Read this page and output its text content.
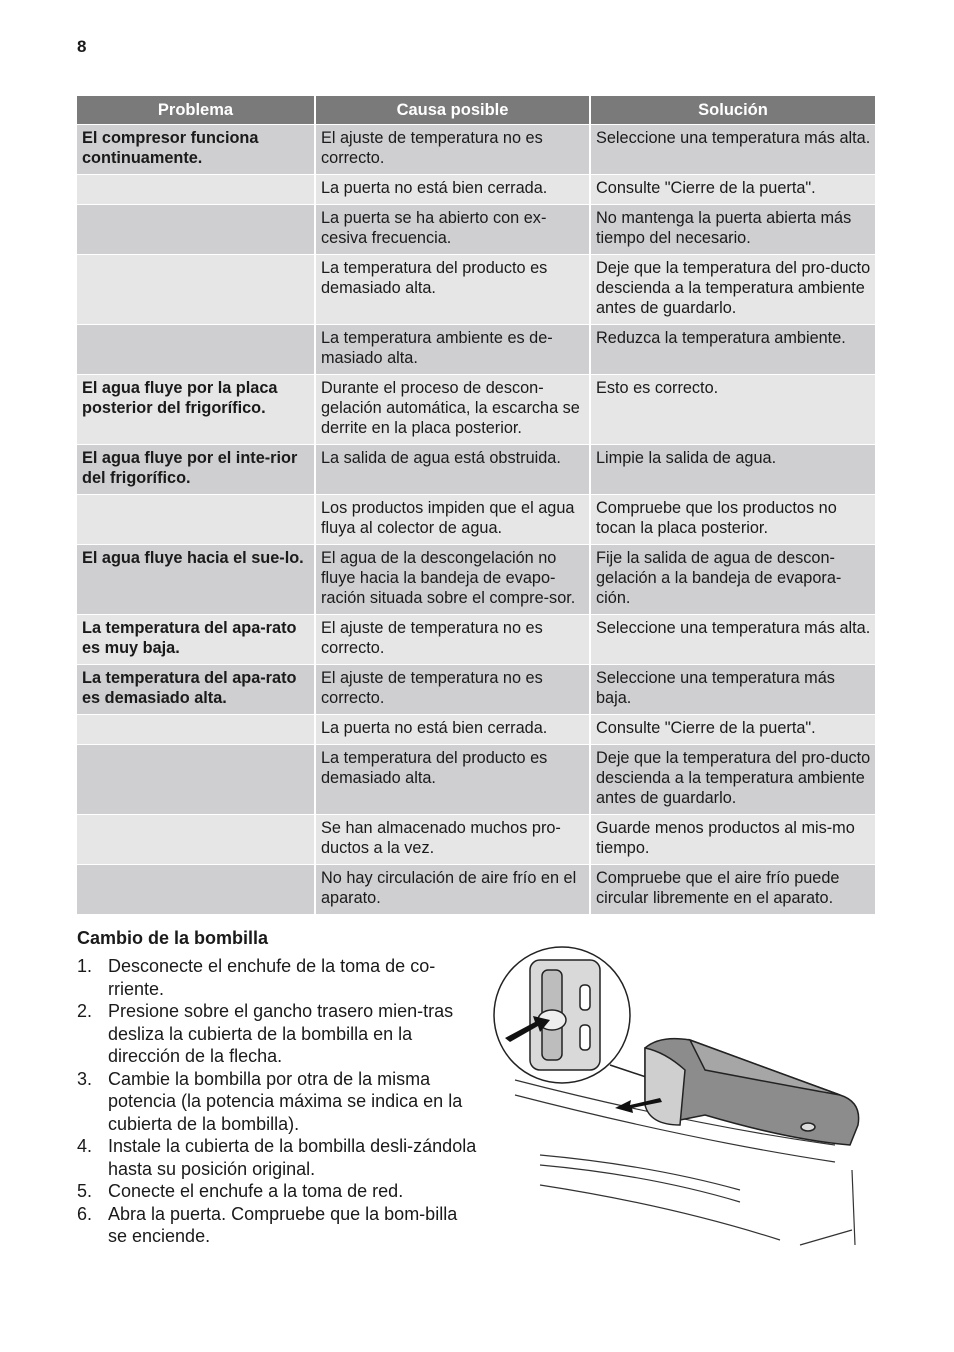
8
Problema	Causa posible	Solución
El compresor funciona continuamente.	El ajuste de temperatura no es correcto.	Seleccione una temperatura más alta.
	La puerta no está bien cerrada.	Consulte "Cierre de la puerta".
	La puerta se ha abierto con ex-cesiva frecuencia.	No mantenga la puerta abierta más tiempo del necesario.
	La temperatura del producto es demasiado alta.	Deje que la temperatura del pro-ducto descienda a la temperatura ambiente antes de guardarlo.
	La temperatura ambiente es de-masiado alta.	Reduzca la temperatura ambiente.
El agua fluye por la placa posterior del frigorífico.	Durante el proceso de descon-gelación automática, la escarcha se derrite en la placa posterior.	Esto es correcto.
El agua fluye por el inte-rior del frigorífico.	La salida de agua está obstruida.	Limpie la salida de agua.
	Los productos impiden que el agua fluya al colector de agua.	Compruebe que los productos no tocan la placa posterior.
El agua fluye hacia el sue-lo.	El agua de la descongelación no fluye hacia la bandeja de evapo-ración situada sobre el compre-sor.	Fije la salida de agua de descon-gelación a la bandeja de evapora-ción.
La temperatura del apa-rato es muy baja.	El ajuste de temperatura no es correcto.	Seleccione una temperatura más alta.
La temperatura del apa-rato es demasiado alta.	El ajuste de temperatura no es correcto.	Seleccione una temperatura más baja.
	La puerta no está bien cerrada.	Consulte "Cierre de la puerta".
	La temperatura del producto es demasiado alta.	Deje que la temperatura del pro-ducto descienda a la temperatura ambiente antes de guardarlo.
	Se han almacenado muchos pro-ductos a la vez.	Guarde menos productos al mis-mo tiempo.
	No hay circulación de aire frío en el aparato.	Compruebe que el aire frío puede circular libremente en el aparato.
Cambio de la bombilla
1. Desconecte el enchufe de la toma de co-rriente.
2. Presione sobre el gancho trasero mien-tras desliza la cubierta de la bombilla en la dirección de la flecha.
3. Cambie la bombilla por otra de la misma potencia (la potencia máxima se indica en la cubierta de la bombilla).
4. Instale la cubierta de la bombilla desli-zándola hasta su posición original.
5. Conecte el enchufe a la toma de red.
6. Abra la puerta. Compruebe que la bom-billa se enciende.
